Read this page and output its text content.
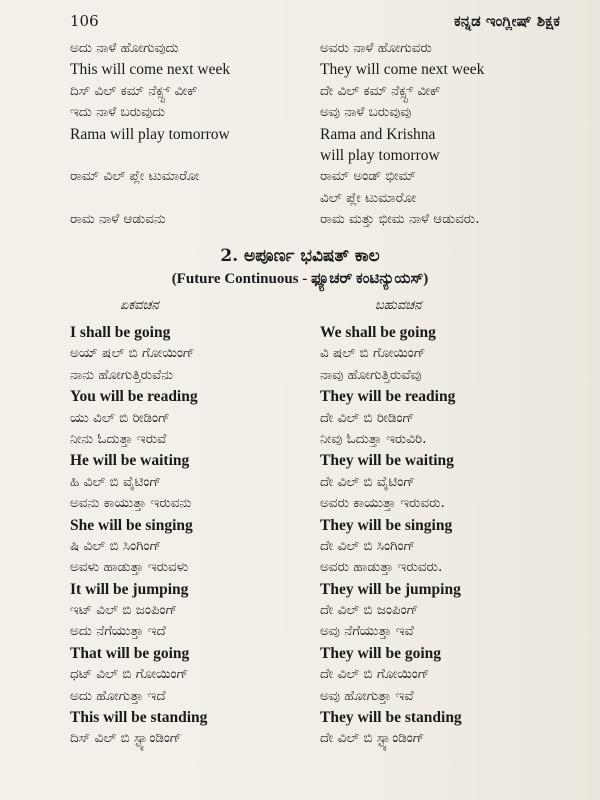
106	ಕನ್ನಡ ಇಂಗ್ಲೀಷ್ ಶಿಕ್ಷಕ
ಅದು ನಾಳೆ ಹೋಗುವುದು
This will come next week
ದಿಸ್ ವಿಲ್ ಕಮ್ ನೆಕ್ಸ್ಟ್ ವೀಕ್
ಇದು ನಾಳೆ ಬರುವುದು
Rama will play tomorrow
ರಾಮ್ ವಿಲ್ ಪ್ಲೇ ಟುಮಾರೋ
ರಾಮ ನಾಳೆ ಆಡುವನು
ಅವರು ನಾಳೆ ಹೋಗುವರು
They will come next week
ದೇ ವಿಲ್ ಕಮ್ ನೆಕ್ಸ್ಟ್ ವೀಕ್
ಅವು ನಾಳೆ ಬರುವುವು
Rama and Krishna
will play tomorrow
ರಾಮ್ ಅಂಡ್ ಭೀಮ್
ವಿಲ್ ಪ್ಲೇ ಟುಮಾರೋ
ರಾಮ ಮತ್ತು ಭೀಮ ನಾಳೆ ಆಡುವರು.
2. ಅಪೂರ್ಣ ಭವಿಷತ್ ಕಾಲ
(Future Continuous - ಫ್ಯೂಚರ್ ಕಂಟಿನ್ಯುಯಸ್)
ಏಕವಚನ	ಬಹುವಚನ
I shall be going
ಅಯ್ ಷಲ್ ಬಿ ಗೋಯಿಂಗ್
ನಾನು ಹೋಗುತ್ತಿರುವೆನು
You will be reading
ಯು ವಿಲ್ ಬಿ ರೀಡಿಂಗ್
ನೀನು ಓದುತ್ತಾ ಇರುವೆ
He will be waiting
ಹಿ ವಿಲ್ ಬಿ ವೈಟಿಂಗ್
ಅವನು ಕಾಯುತ್ತಾ ಇರುವನು
She will be singing
ಷಿ ವಿಲ್ ಬಿ ಸಿಂಗಿಂಗ್
ಅವಳು ಹಾಡುತ್ತಾ ಇರುವಳು
It will be jumping
ಇಟ್ ವಿಲ್ ಬಿ ಜಂಪಿಂಗ್
ಅದು ನೆಗೆಯುತ್ತಾ ಇದೆ
That will be going
ಧಟ್ ವಿಲ್ ಬಿ ಗೋಯಿಂಗ್
ಅದು ಹೋಗುತ್ತಾ ಇದೆ
This will be standing
ದಿಸ್ ವಿಲ್ ಬಿ ಸ್ಟ್ಯಾಂಡಿಂಗ್
We shall be going
ವಿ ಷಲ್ ಬಿ ಗೋಯಿಂಗ್
ನಾವು ಹೋಗುತ್ತಿರುವೆವು
They will be reading
ದೇ ವಿಲ್ ಬಿ ರೀಡಿಂಗ್
ನೀವು ಓದುತ್ತಾ ಇರುವಿರಿ.
They will be waiting
ದೇ ವಿಲ್ ಬಿ ವೈಟಿಂಗ್
ಅವರು ಕಾಯುತ್ತಾ ಇರುವರು.
They will be singing
ದೇ ವಿಲ್ ಬಿ ಸಿಂಗಿಂಗ್
ಅವರು ಹಾಡುತ್ತಾ ಇರುವರು.
They will be jumping
ದೇ ವಿಲ್ ಬಿ ಜಂಪಿಂಗ್
ಅವು ನೆಗೆಯುತ್ತಾ ಇವೆ
They will be going
ದೇ ವಿಲ್ ಬಿ ಗೋಯಿಂಗ್
ಅವು ಹೋಗುತ್ತಾ ಇವೆ
They will be standing
ದೇ ವಿಲ್ ಬಿ ಸ್ಟ್ಯಾಂಡಿಂಗ್
